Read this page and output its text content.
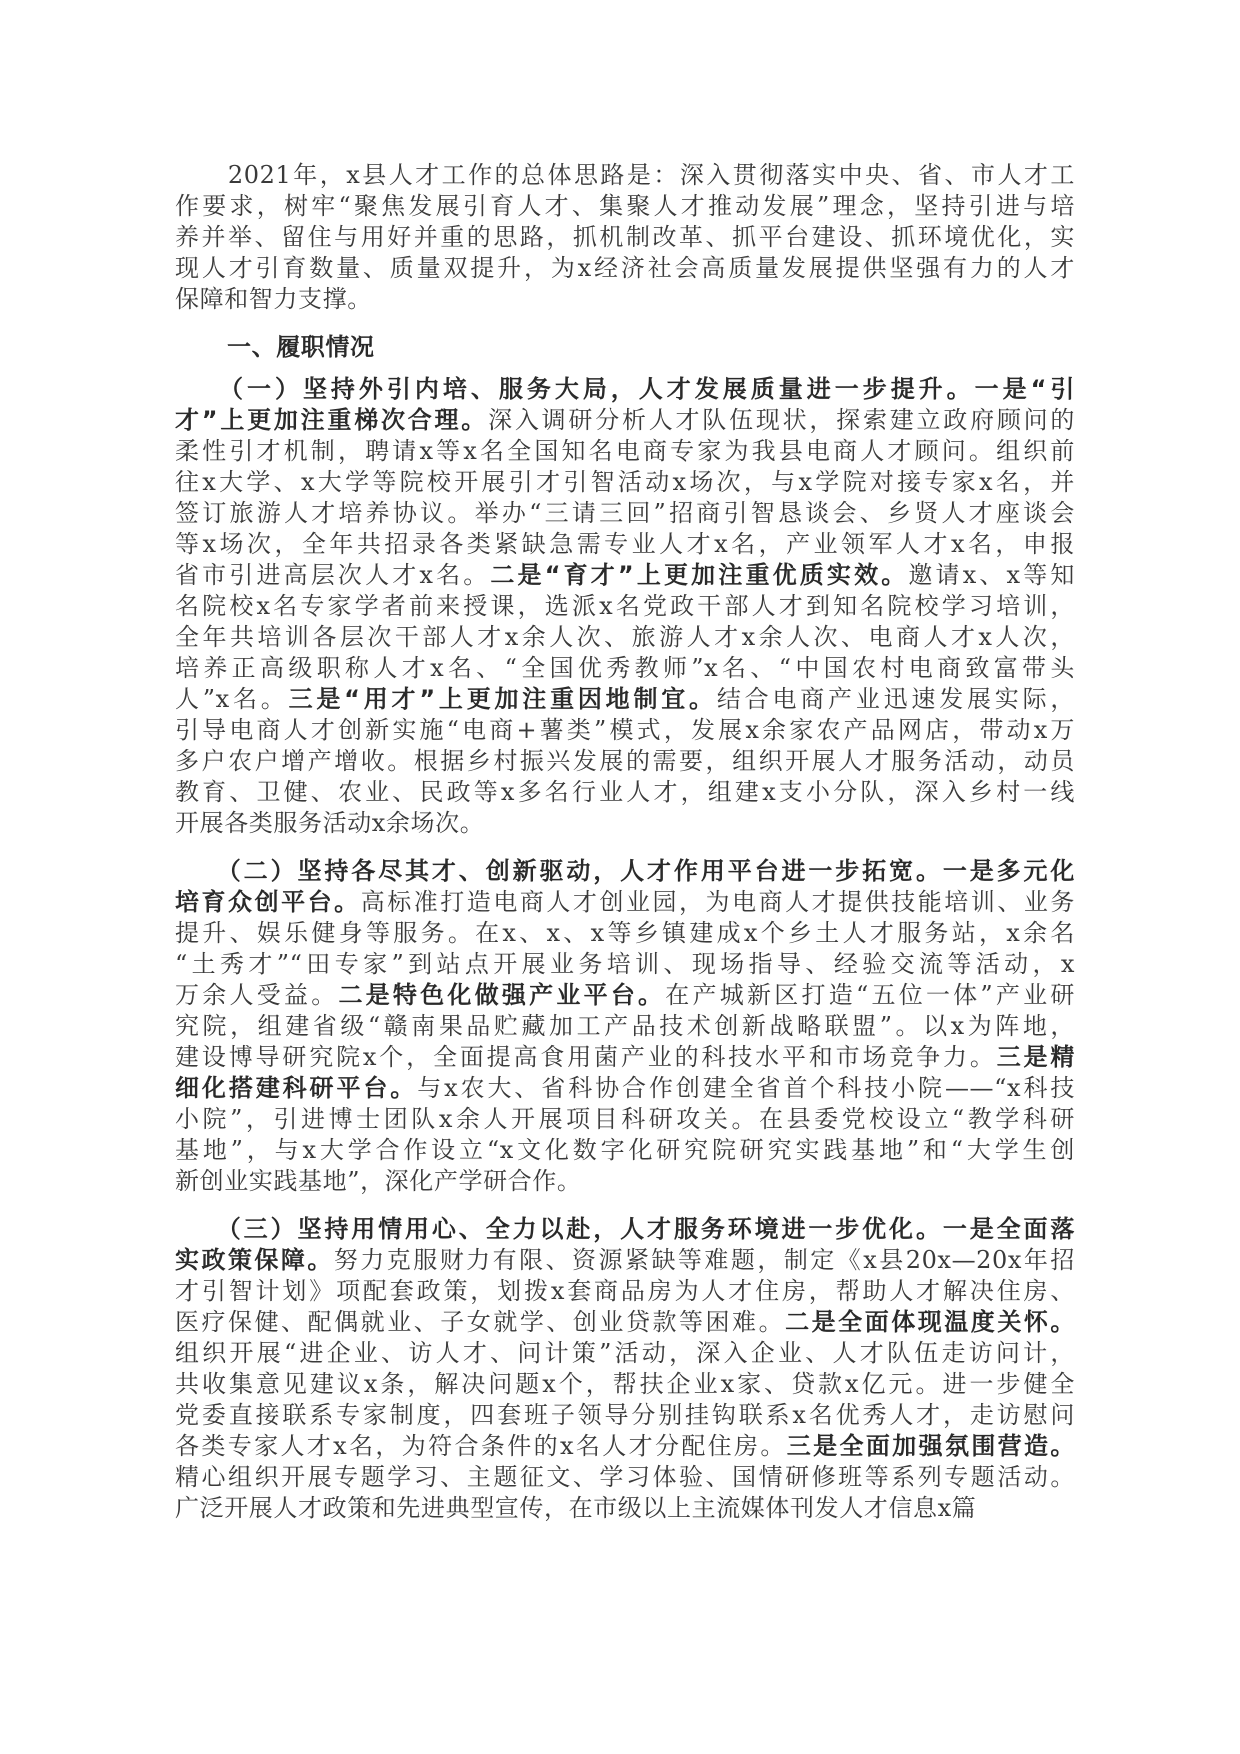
　　2021年，x县人才工作的总体思路是：深入贯彻落实中央、省、市人才工
作要求，树牢“聚焦发展引育人才、集聚人才推动发展”理念，坚持引进与培
养并举、留住与用好并重的思路，抓机制改革、抓平台建设、抓环境优化，实
现人才引育数量、质量双提升，为x经济社会高质量发展提供坚强有力的人才
保障和智力支撑。
一、履职情况
　　（一）坚持外引内培、服务大局，人才发展质量进一步提升。一是“引
才”上更加注重梯次合理。深入调研分析人才队伍现状，探索建立政府顾问的
柔性引才机制，聘请x等x名全国知名电商专家为我县电商人才顾问。组织前
往x大学、x大学等院校开展引才引智活动x场次，与x学院对接专家x名，并
签订旅游人才培养协议。举办“三请三回”招商引智恳谈会、乡贤人才座谈会
等x场次，全年共招录各类紧缺急需专业人才x名，产业领军人才x名，申报
省市引进高层次人才x名。二是“育才”上更加注重优质实效。邀请x、x等知
名院校x名专家学者前来授课，选派x名党政干部人才到知名院校学习培训，
全年共培训各层次干部人才x余人次、旅游人才x余人次、电商人才x人次，
培养正高级职称人才x名、“全国优秀教师”x名、“中国农村电商致富带头
人”x名。三是“用才”上更加注重因地制宜。结合电商产业迅速发展实际，
引导电商人才创新实施“电商+薯类”模式，发展x余家农产品网店，带动x万
多户农户增产增收。根据乡村振兴发展的需要，组织开展人才服务活动，动员
教育、卫健、农业、民政等x多名行业人才，组建x支小分队，深入乡村一线
开展各类服务活动x余场次。
　　（二）坚持各尽其才、创新驱动，人才作用平台进一步拓宽。一是多元化
培育众创平台。高标准打造电商人才创业园，为电商人才提供技能培训、业务
提升、娱乐健身等服务。在x、x、x等乡镇建成x个乡土人才服务站，x余名
“土秀才”“田专家”到站点开展业务培训、现场指导、经验交流等活动，x
万余人受益。二是特色化做强产业平台。在产城新区打造“五位一体”产业研
究院，组建省级“赣南果品贮藏加工产品技术创新战略联盟”。以x为阵地，
建设博导研究院x个，全面提高食用菌产业的科技水平和市场竞争力。三是精
细化搭建科研平台。与x农大、省科协合作创建全省首个科技小院——“x科技
小院”，引进博士团队x余人开展项目科研攻关。在县委党校设立“教学科研
基地”，与x大学合作设立“x文化数字化研究院研究实践基地”和“大学生创
新创业实践基地”，深化产学研合作。
　　（三）坚持用情用心、全力以赴，人才服务环境进一步优化。一是全面落
实政策保障。努力克服财力有限、资源紧缺等难题，制定《x县20x—20x年招
才引智计划》项配套政策，划拨x套商品房为人才住房，帮助人才解决住房、
医疗保健、配偶就业、子女就学、创业贷款等困难。二是全面体现温度关怀。
组织开展“进企业、访人才、问计策”活动，深入企业、人才队伍走访问计，
共收集意见建议x条，解决问题x个，帮扶企业x家、贷款x亿元。进一步健全
党委直接联系专家制度，四套班子领导分别挂钩联系x名优秀人才，走访慰问
各类专家人才x名，为符合条件的x名人才分配住房。三是全面加强氛围营造。
精心组织开展专题学习、主题征文、学习体验、国情研修班等系列专题活动。
广泛开展人才政策和先进典型宣传，在市级以上主流媒体刊发人才信息x篇
